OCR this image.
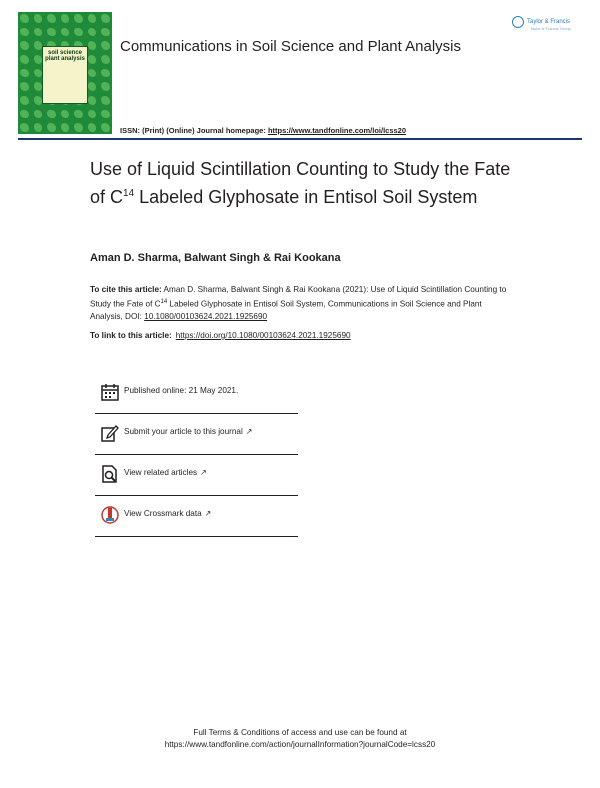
soil science
plant analysis
Communications in Soil Science and Plant Analysis
Taylor & Francis
Taylor & Francis Group
ISSN: (Print) (Online) Journal homepage: https://www.tandfonline.com/loi/lcss20
Use of Liquid Scintillation Counting to Study the Fate of $C^{14}$ Labeled Glyphosate in Entisol Soil System
Aman D. Sharma, Balwant Singh & Rai Kookana
To cite this article: Aman D. Sharma, Balwant Singh & Rai Kookana (2021): Use of Liquid Scintillation Counting to Study the Fate of $C^{14}$ Labeled Glyphosate in Entisol Soil System, Communications in Soil Science and Plant Analysis, DOI: 10.1080/00103624.2021.1925690
To link to this article: https://doi.org/10.1080/00103624.2021.1925690
Published online: 21 May 2021.
Submit your article to this journal ↗
View related articles ↗
View Crossmark data ↗
Full Terms & Conditions of access and use can be found at
https://www.tandfonline.com/action/journalInformation?journalCode=lcss20
